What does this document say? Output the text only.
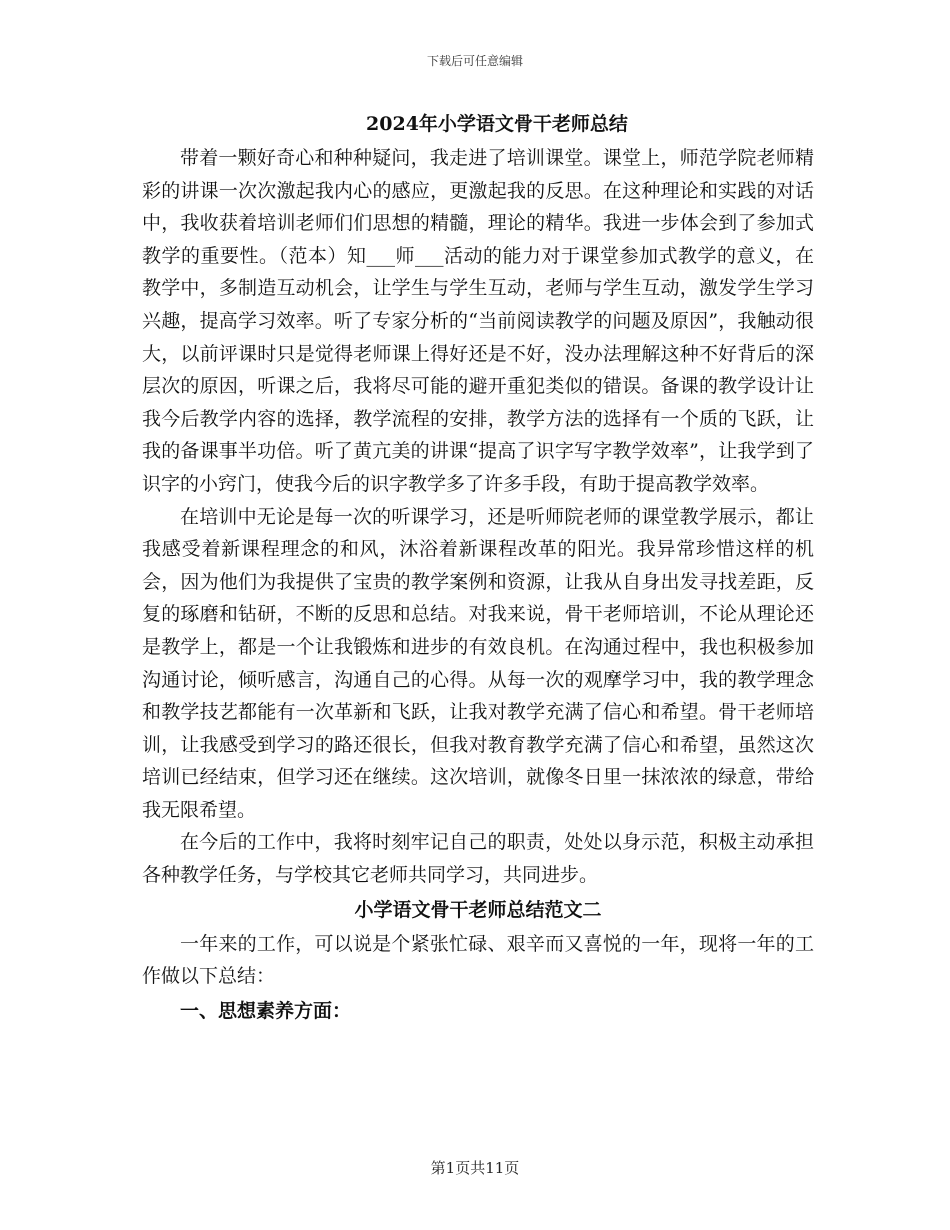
下载后可任意编辑

2024年小学语文骨干老师总结

带着一颗好奇心和种种疑问，我走进了培训课堂。课堂上，师范学院老师精彩的讲课一次次激起我内心的感应，更激起我的反思。在这种理论和实践的对话中，我收获着培训老师们们思想的精髓，理论的精华。我进一步体会到了参加式教学的重要性。（范本）知___师___活动的能力对于课堂参加式教学的意义，在教学中，多制造互动机会，让学生与学生互动，老师与学生互动，激发学生学习兴趣，提高学习效率。听了专家分析的“当前阅读教学的问题及原因”，我触动很大，以前评课时只是觉得老师课上得好还是不好，没办法理解这种不好背后的深层次的原因，听课之后，我将尽可能的避开重犯类似的错误。备课的教学设计让我今后教学内容的选择，教学流程的安排，教学方法的选择有一个质的飞跃，让我的备课事半功倍。听了黄亢美的讲课“提高了识字写字教学效率”，让我学到了识字的小窍门，使我今后的识字教学多了许多手段，有助于提高教学效率。

在培训中无论是每一次的听课学习，还是听师院老师的课堂教学展示，都让我感受着新课程理念的和风，沐浴着新课程改革的阳光。我异常珍惜这样的机会，因为他们为我提供了宝贵的教学案例和资源，让我从自身出发寻找差距，反复的琢磨和钻研，不断的反思和总结。对我来说，骨干老师培训，不论从理论还是教学上，都是一个让我锻炼和进步的有效良机。在沟通过程中，我也积极参加沟通讨论，倾听感言，沟通自己的心得。从每一次的观摩学习中，我的教学理念和教学技艺都能有一次革新和飞跃，让我对教学充满了信心和希望。骨干老师培训，让我感受到学习的路还很长，但我对教育教学充满了信心和希望，虽然这次培训已经结束，但学习还在继续。这次培训，就像冬日里一抹浓浓的绿意，带给我无限希望。

在今后的工作中，我将时刻牢记自己的职责，处处以身示范，积极主动承担各种教学任务，与学校其它老师共同学习，共同进步。

小学语文骨干老师总结范文二

一年来的工作，可以说是个紧张忙碌、艰辛而又喜悦的一年，现将一年的工作做以下总结：

一、思想素养方面：

第1页共11页
